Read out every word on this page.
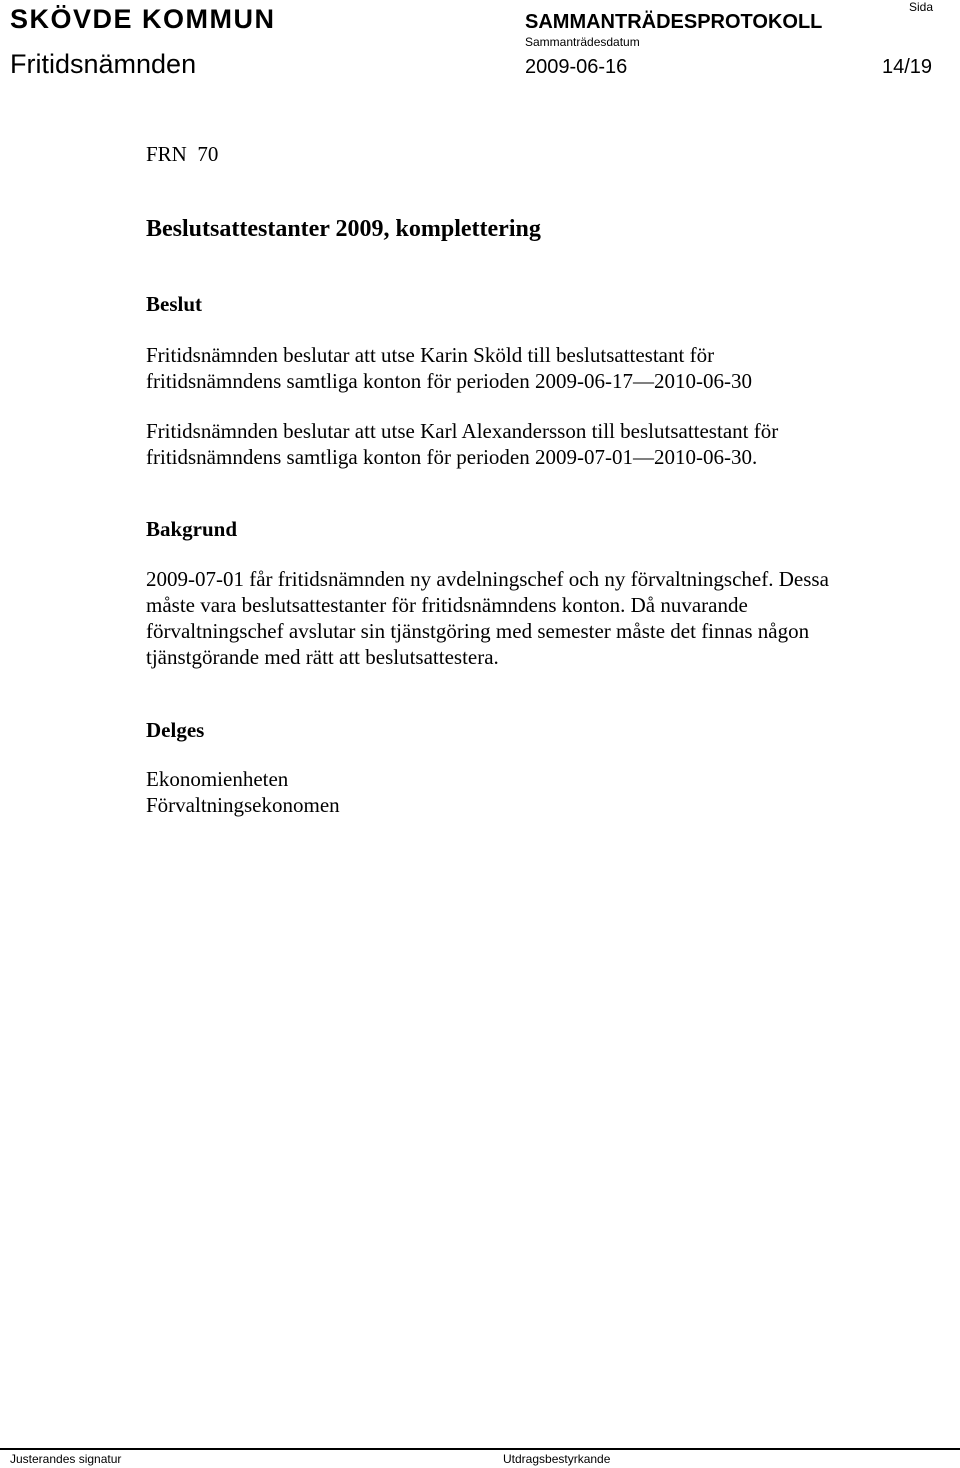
SKÖVDE KOMMUN	SAMMANTRÄDESPROTOKOLL
Sida
Sammanträdesdatum
Fritidsnämnden	2009-06-16	14/19
FRN  70
Beslutsattestanter 2009, komplettering
Beslut
Fritidsnämnden beslutar att utse Karin Sköld till beslutsattestant för
fritidsnämndens samtliga konton för perioden 2009-06-17—2010-06-30
Fritidsnämnden beslutar att utse Karl Alexandersson till beslutsattestant för
fritidsnämndens samtliga konton för perioden 2009-07-01—2010-06-30.
Bakgrund
2009-07-01 får fritidsnämnden ny avdelningschef och ny förvaltningschef. Dessa
måste vara beslutsattestanter för fritidsnämndens konton. Då nuvarande
förvaltningschef avslutar sin tjänstgöring med semester måste det finnas någon
tjänstgörande med rätt att beslutsattestera.
Delges
Ekonomienheten
Förvaltningsekonomen
Justerandes signatur	Utdragsbestyrkande
